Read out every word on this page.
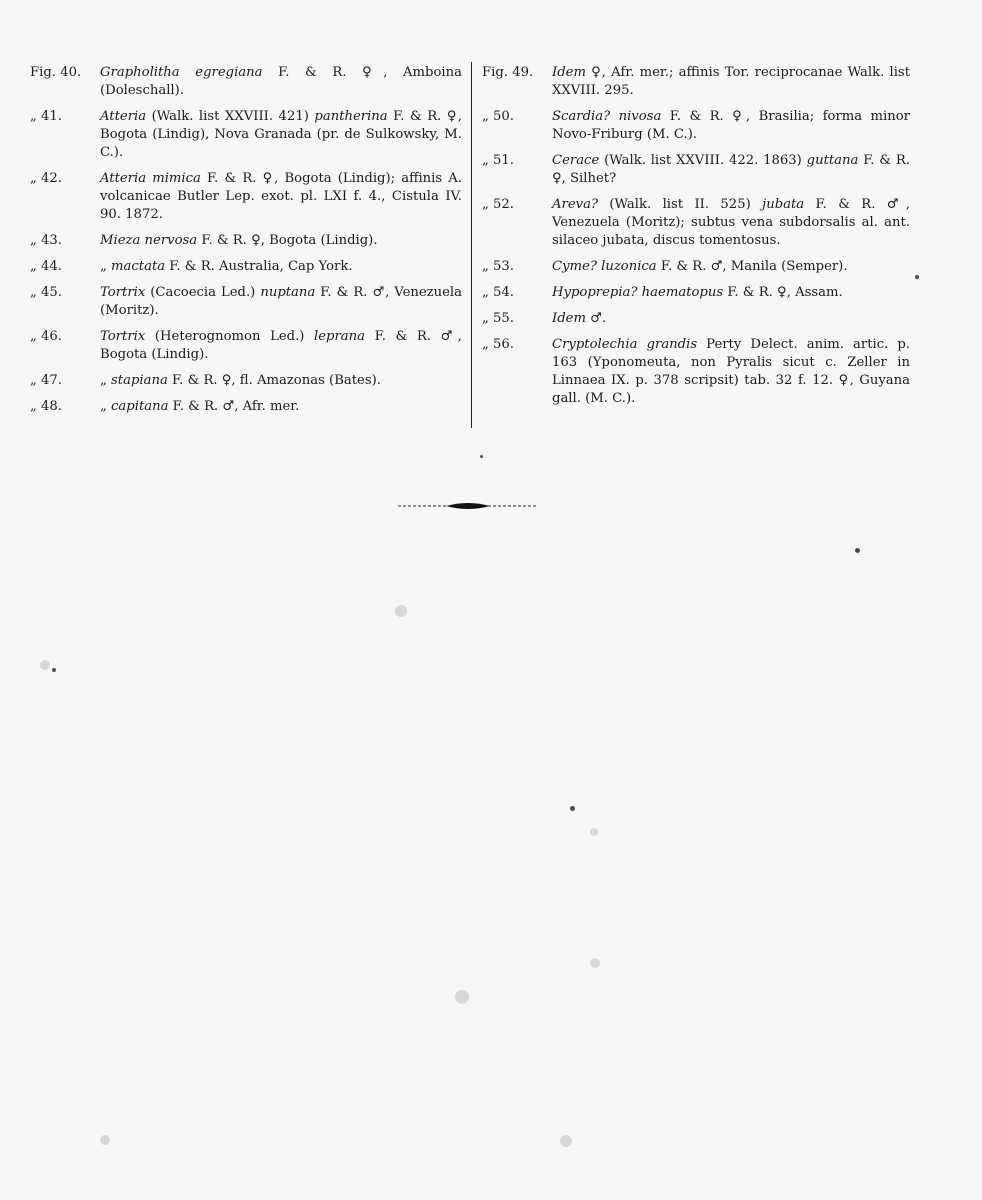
Fig. 40.	Grapholitha egregiana F. & R. ♀, Amboina (Doleschall).
„ 41.	Atteria (Walk. list XXVIII. 421) pantherina F. & R. ♀, Bogota (Lindig), Nova Granada (pr. de Sulkowsky, M. C.).
„ 42.	Atteria mimica F. & R. ♀, Bogota (Lindig); affinis A. volcanicae Butler Lep. exot. pl. LXI f. 4., Cistula IV. 90. 1872.
„ 43.	Mieza nervosa F. & R. ♀, Bogota (Lindig).
„ 44.	„ mactata F. & R. Australia, Cap York.
„ 45.	Tortrix (Cacoecia Led.) nuptana F. & R. ♂, Venezuela (Moritz).
„ 46.	Tortrix (Heterognomon Led.) leprana F. & R. ♂, Bogota (Lindig).
„ 47.	„ stapiana F. & R. ♀, fl. Amazonas (Bates).
„ 48.	„ capitana F. & R. ♂, Afr. mer.
Fig. 49.	Idem ♀, Afr. mer.; affinis Tor. reciprocanae Walk. list XXVIII. 295.
„ 50.	Scardia? nivosa F. & R. ♀, Brasilia; forma minor Novo-Friburg (M. C.).
„ 51.	Cerace (Walk. list XXVIII. 422. 1863) guttana F. & R. ♀, Silhet?
„ 52.	Areva? (Walk. list II. 525) jubata F. & R. ♂, Venezuela (Moritz); subtus vena subdorsalis al. ant. silaceo jubata, discus tomentosus.
„ 53.	Cyme? luzonica F. & R. ♂, Manila (Semper).
„ 54.	Hypoprepia? haematopus F. & R. ♀, Assam.
„ 55.	Idem ♂.
„ 56.	Cryptolechia grandis Perty Delect. anim. artic. p. 163 (Yponomeuta, non Pyralis sicut c. Zeller in Linnaea IX. p. 378 scripsit) tab. 32 f. 12. ♀, Guyana gall. (M. C.).
